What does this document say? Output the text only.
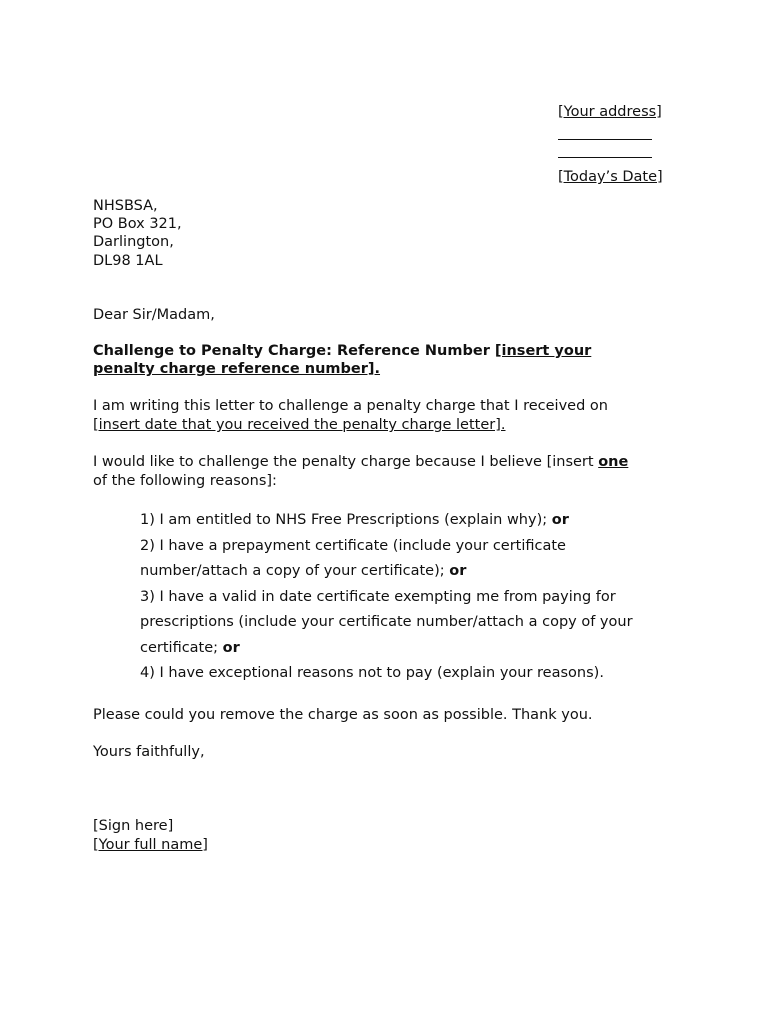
[Your address]
[Today’s Date]
NHSBSA,
PO Box 321,
Darlington,
DL98 1AL
Dear Sir/Madam,
Challenge to Penalty Charge: Reference Number [insert your
penalty charge reference number].
I am writing this letter to challenge a penalty charge that I received on
[insert date that you received the penalty charge letter].
I would like to challenge the penalty charge because I believe [insert one
of the following reasons]:

1) I am entitled to NHS Free Prescriptions (explain why); or

2) I have a prepayment certificate (include your certificate

number/attach a copy of your certificate); or

3) I have a valid in date certificate exempting me from paying for

prescriptions (include your certificate number/attach a copy of your

certificate; or

4) I have exceptional reasons not to pay (explain your reasons).

Please could you remove the charge as soon as possible. Thank you.
Yours faithfully,
[Sign here]
[Your full name]
